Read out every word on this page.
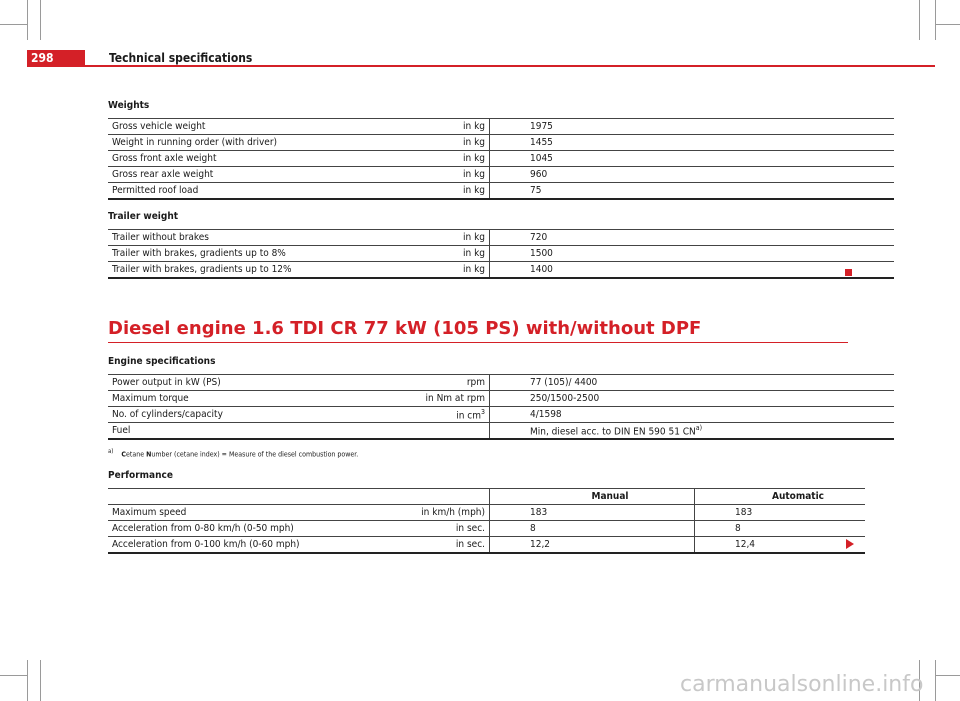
298	Technical specifications
Weights
Gross vehicle weight	in kg	1975
Weight in running order (with driver)	in kg	1455
Gross front axle weight	in kg	1045
Gross rear axle weight	in kg	960
Permitted roof load	in kg	75
Trailer weight
Trailer without brakes	in kg	720
Trailer with brakes, gradients up to 8%	in kg	1500
Trailer with brakes, gradients up to 12%	in kg	1400
Diesel engine 1.6 TDI CR 77 kW (105 PS) with/without DPF
Engine specifications
Power output in kW (PS)	rpm	77 (105)/ 4400
Maximum torque	in Nm at rpm	250/1500-2500
No. of cylinders/capacity	in $cm^3$	4/1598
Fuel		Min, diesel acc. to DIN EN 590 51 CN$^{a)}$
$^{a)}$ Cetane Number (cetane index) = Measure of the diesel combustion power.
Performance
		Manual	Automatic
Maximum speed	in km/h (mph)	183	183
Acceleration from 0-80 km/h (0-50 mph)	in sec.	8	8
Acceleration from 0-100 km/h (0-60 mph)	in sec.	12,2	12,4
carmanualsonline.info
